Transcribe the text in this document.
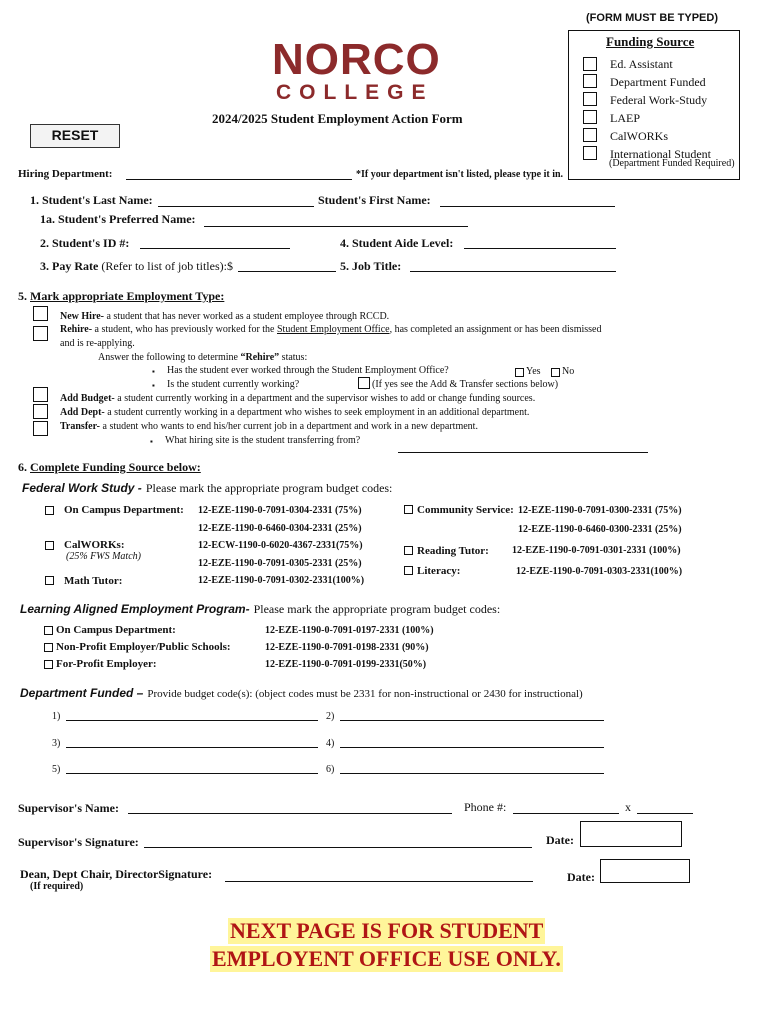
(FORM MUST BE TYPED)
NORCO
COLLEGE
2024/2025 Student Employment Action Form
RESET
Funding Source
Ed. Assistant
Department Funded
Federal Work-Study
LAEP
CalWORKs
International Student
(Department Funded Required)
Hiring Department:	*If your department isn't listed, please type it in.
1. Student's Last Name:	Student's First Name:
1a. Student's Preferred Name:
2. Student's ID #:	4. Student Aide Level:
3. Pay Rate (Refer to list of job titles):$	5. Job Title:
5. Mark appropriate Employment Type:
New Hire- a student that has never worked as a student employee through RCCD.
Rehire- a student, who has previously worked for the Student Employment Office, has completed an assignment or has been dismissed
and is re-applying.
Answer the following to determine “Rehire” status:
▪ Has the student ever worked through the Student Employment Office?	Yes No
▪ Is the student currently working?	(If yes see the Add & Transfer sections below)
Add Budget- a student currently working in a department and the supervisor wishes to add or change funding sources.
Add Dept- a student currently working in a department who wishes to seek employment in an additional department.
Transfer- a student who wants to end his/her current job in a department and work in a new department.
▪ What hiring site is the student transferring from?
6. Complete Funding Source below:
Federal Work Study - Please mark the appropriate program budget codes:
On Campus Department: 12-EZE-1190-0-7091-0304-2331 (75%)
12-EZE-1190-0-6460-0304-2331 (25%)
CalWORKs:
(25% FWS Match)
12-ECW-1190-0-6020-4367-2331(75%)
12-EZE-1190-0-7091-0305-2331 (25%)
Math Tutor:	12-EZE-1190-0-7091-0302-2331(100%)
Community Service: 12-EZE-1190-0-7091-0300-2331 (75%)
12-EZE-1190-0-6460-0300-2331 (25%)
Reading Tutor: 12-EZE-1190-0-7091-0301-2331 (100%)
Literacy:	12-EZE-1190-0-7091-0303-2331(100%)
Learning Aligned Employment Program- Please mark the appropriate program budget codes:
On Campus Department:	12-EZE-1190-0-7091-0197-2331 (100%)
Non-Profit Employer/Public Schools:	12-EZE-1190-0-7091-0198-2331 (90%)
For-Profit Employer:	12-EZE-1190-0-7091-0199-2331(50%)
Department Funded – Provide budget code(s): (object codes must be 2331 for non-instructional or 2430 for instructional)
1)	2)
3)	4)
5)	6)
Supervisor's Name:	Phone #:	x
Supervisor's Signature:	Date:
Dean, Dept Chair, DirectorSignature:
(If required)
Date:
NEXT PAGE IS FOR STUDENT
EMPLOYENT OFFICE USE ONLY.
